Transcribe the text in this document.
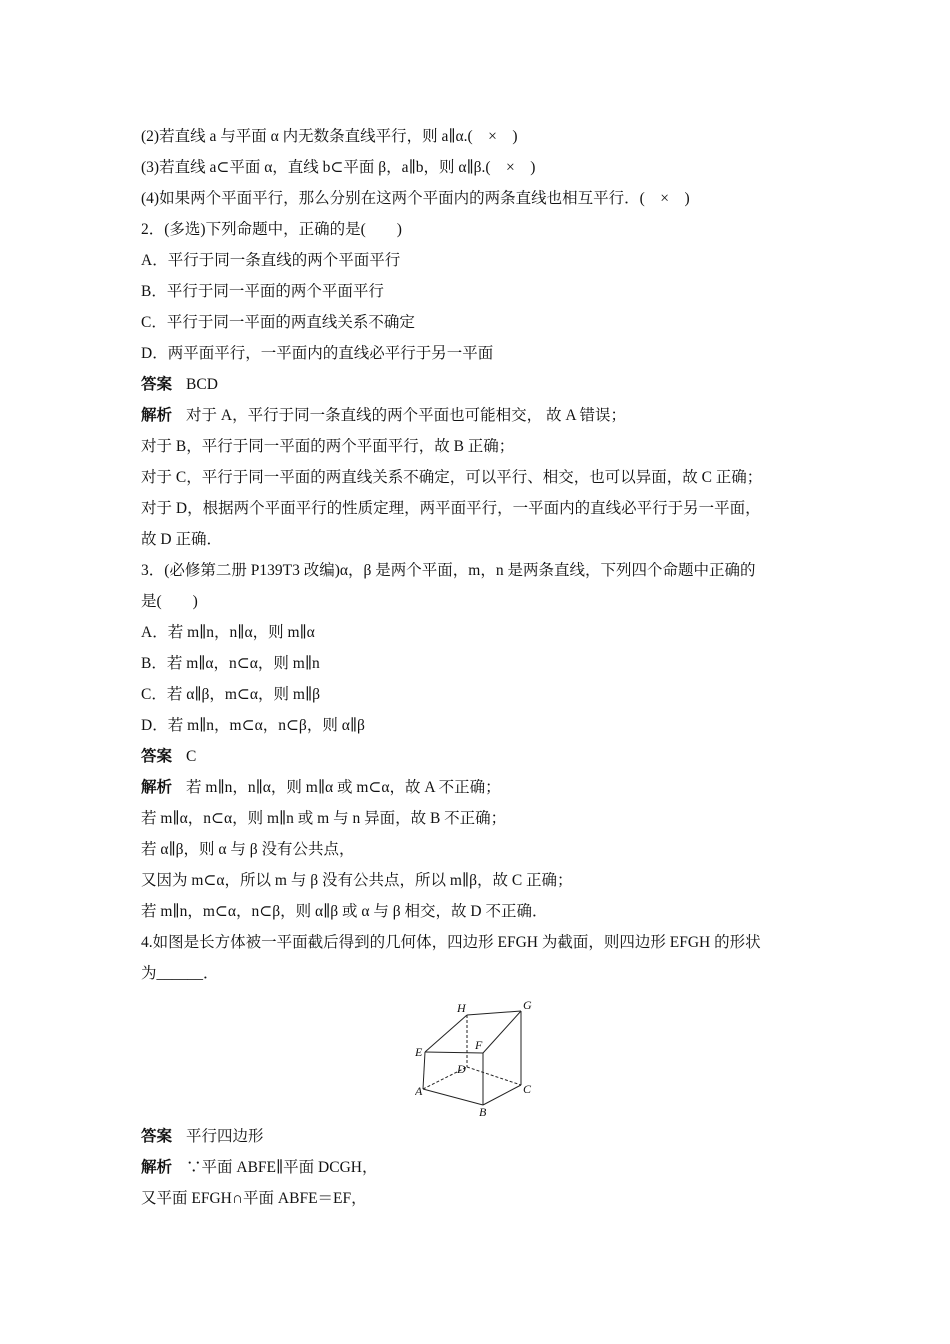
(2)若直线 a 与平面 α 内无数条直线平行，则 a∥α.(　×　)
(3)若直线 a⊂平面 α，直线 b⊂平面 β，a∥b，则 α∥β.(　×　)
(4)如果两个平面平行，那么分别在这两个平面内的两条直线也相互平行．(　×　)
2．(多选)下列命题中，正确的是(　　)
A．平行于同一条直线的两个平面平行
B．平行于同一平面的两个平面平行
C．平行于同一平面的两直线关系不确定
D．两平面平行，一平面内的直线必平行于另一平面
答案 BCD
解析 对于 A，平行于同一条直线的两个平面也可能相交， 故 A 错误；
对于 B，平行于同一平面的两个平面平行，故 B 正确；
对于 C，平行于同一平面的两直线关系不确定，可以平行、相交，也可以异面，故 C 正确；
对于 D，根据两个平面平行的性质定理，两平面平行，一平面内的直线必平行于另一平面，
故 D 正确．
3．(必修第二册 P139T3 改编)α，β 是两个平面，m，n 是两条直线，下列四个命题中正确的
是(　　)
A．若 m∥n，n∥α，则 m∥α
B．若 m∥α，n⊂α，则 m∥n
C．若 α∥β，m⊂α，则 m∥β
D．若 m∥n，m⊂α，n⊂β，则 α∥β
答案 C
解析 若 m∥n，n∥α，则 m∥α 或 m⊂α，故 A 不正确；
若 m∥α，n⊂α，则 m∥n 或 m 与 n 异面，故 B 不正确；
若 α∥β，则 α 与 β 没有公共点，
又因为 m⊂α，所以 m 与 β 没有公共点，所以 m∥β，故 C 正确；
若 m∥n，m⊂α，n⊂β，则 α∥β 或 α 与 β 相交，故 D 不正确．
4.如图是长方体被一平面截后得到的几何体，四边形 EFGH 为截面，则四边形 EFGH 的形状
为______．
H	G
F
E
D
A	C
B
答案 平行四边形
解析 ∵平面 ABFE∥平面 DCGH，
又平面 EFGH∩平面 ABFE＝EF，
